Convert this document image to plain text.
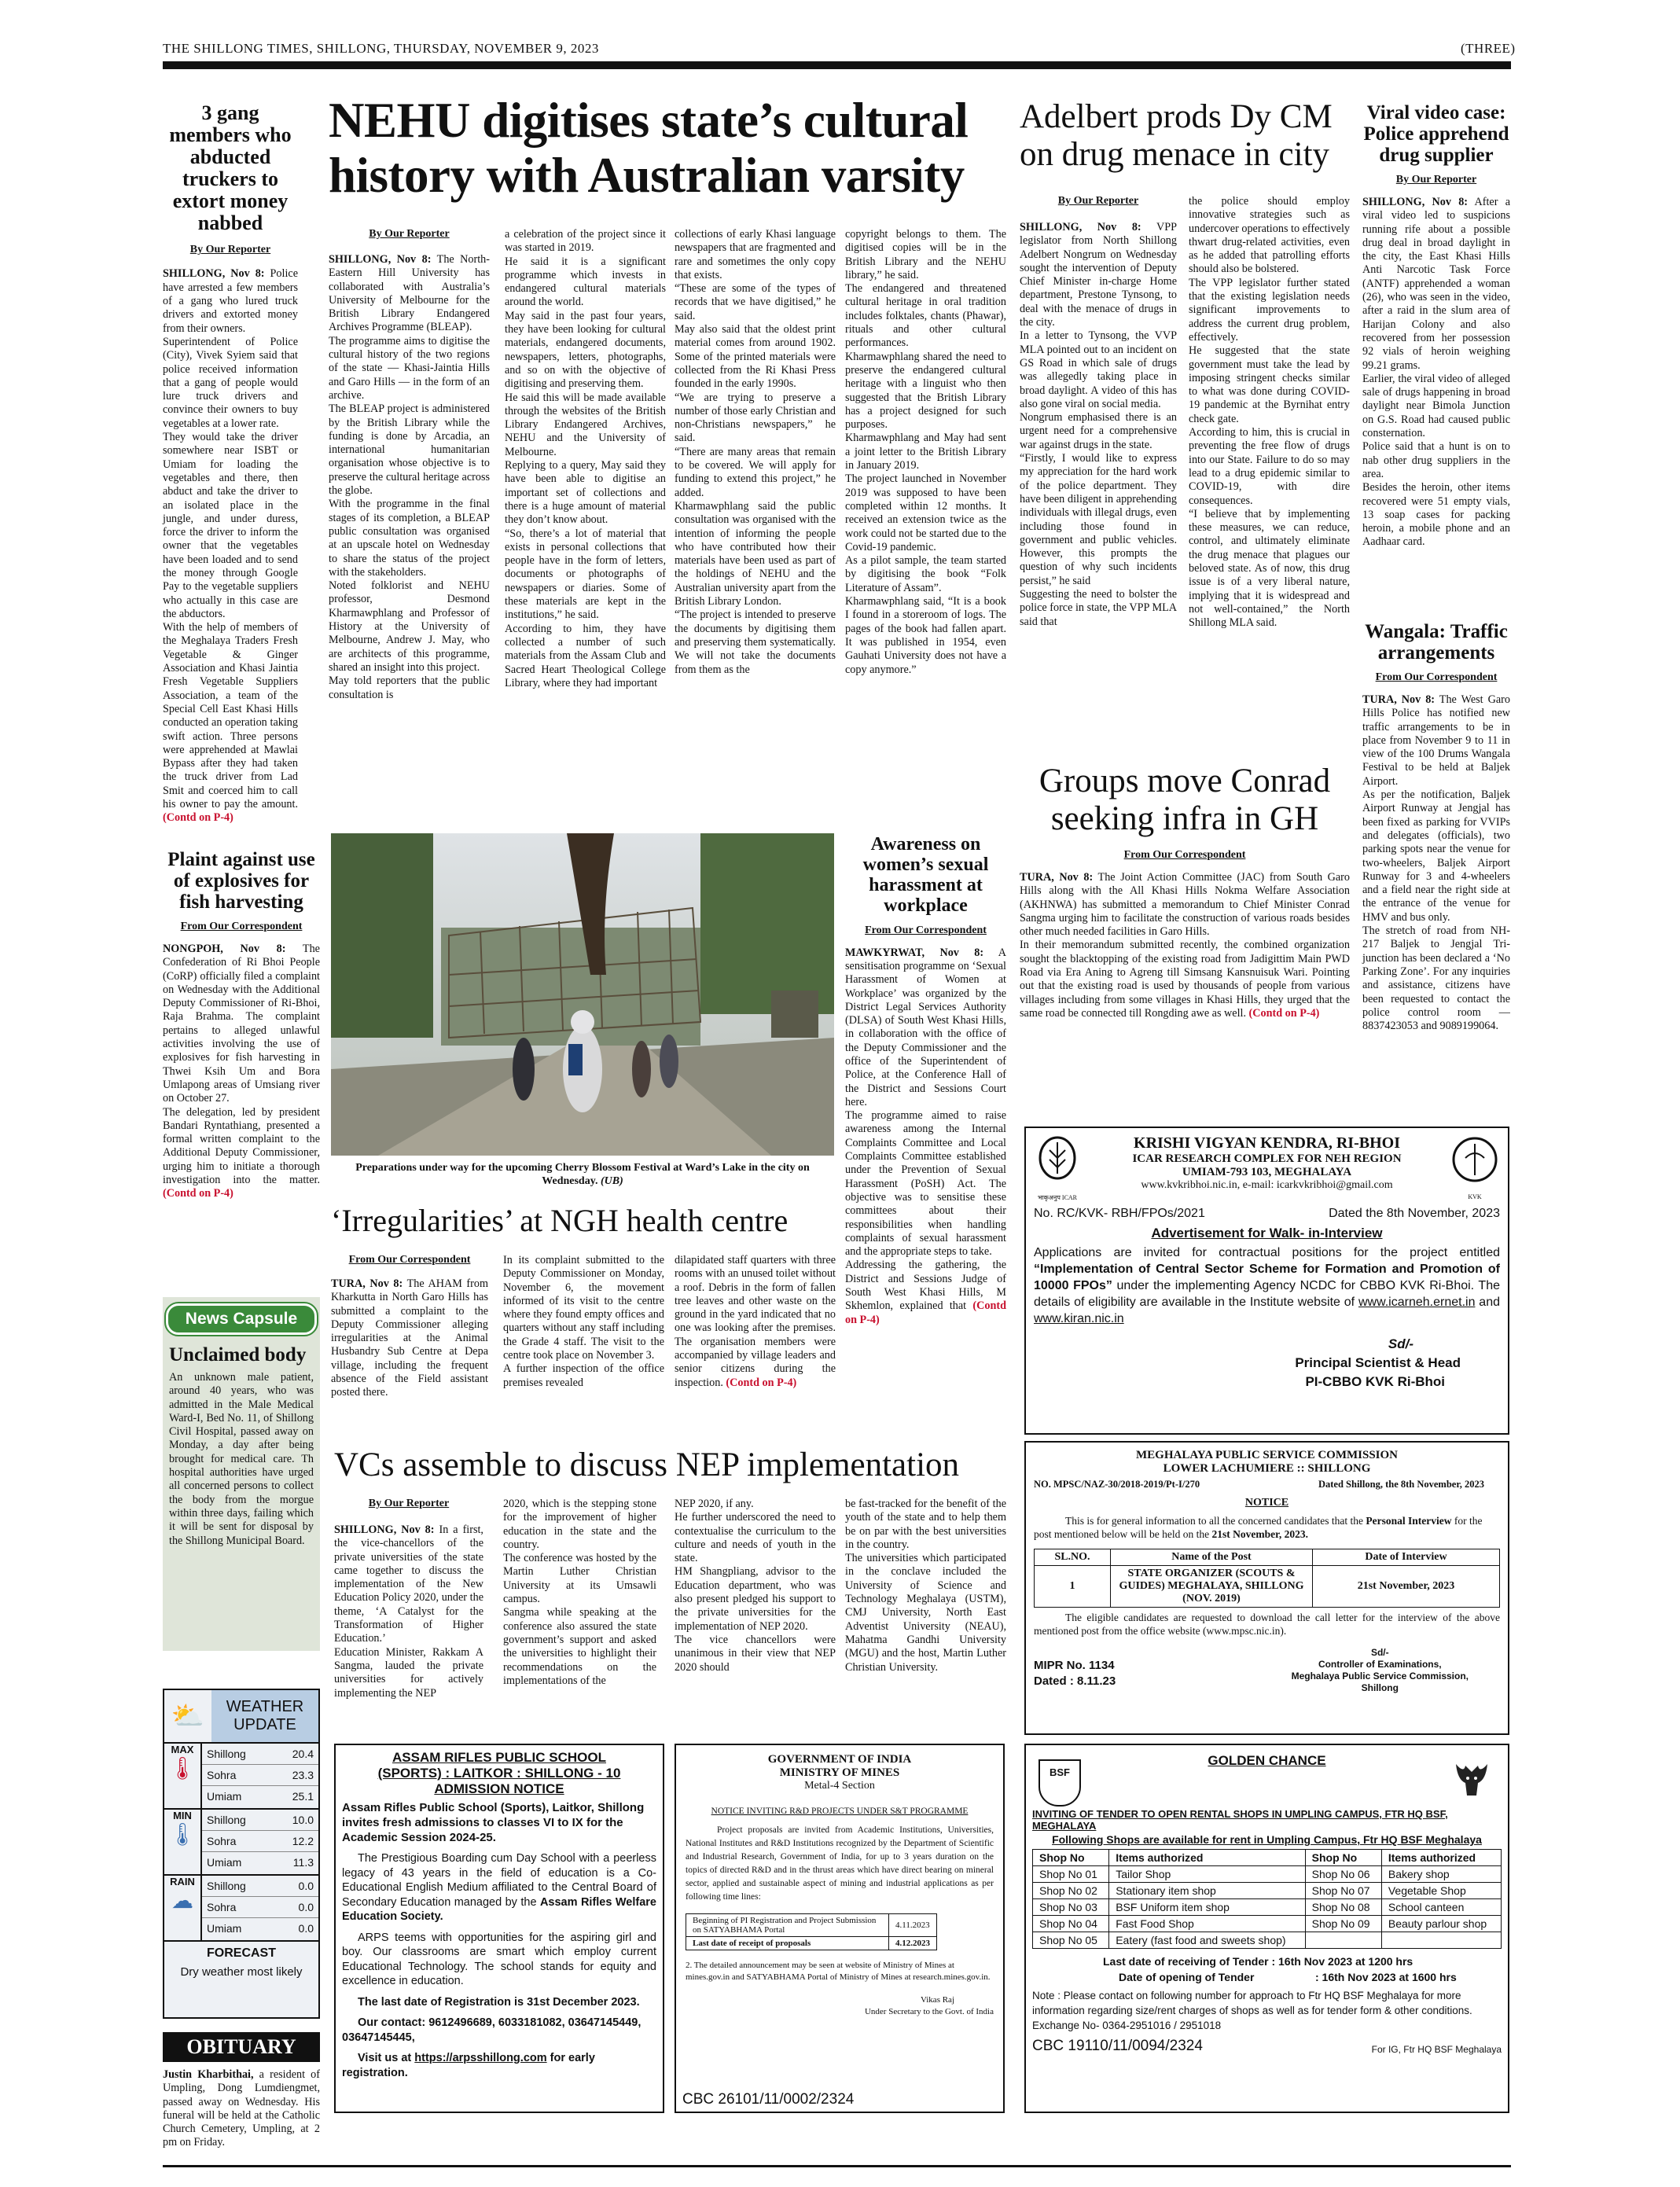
THE SHILLONG TIMES, SHILLONG, THURSDAY, NOVEMBER 9, 2023	(THREE)
3 gang members who abducted truckers to extort money nabbed
By Our Reporter
SHILLONG, Nov 8: Police have arrested a few members of a gang who lured truck drivers and extorted money from their owners.
Superintendent of Police (City), Vivek Syiem said that police received information that a gang of people would lure truck drivers and convince their owners to buy vegetables at a lower rate.
They would take the driver somewhere near ISBT or Umiam for loading the vegetables and there, then abduct and take the driver to an isolated place in the jungle, and under duress, force the driver to inform the owner that the vegetables have been loaded and to send the money through Google Pay to the vegetable suppliers who actually in this case are the abductors.
With the help of members of the Meghalaya Traders Fresh Vegetable & Ginger Association and Khasi Jaintia Fresh Vegetable Suppliers Association, a team of the Special Cell East Khasi Hills conducted an operation taking swift action. Three persons were apprehended at Mawlai Bypass after they had taken the truck driver from Lad Smit and coerced him to call his owner to pay the amount. (Contd on P-4)
NEHU digitises state’s cultural history with Australian varsity
By Our Reporter
SHILLONG, Nov 8: The North-Eastern Hill University has collaborated with Australia’s University of Melbourne for the British Library Endangered Archives Programme (BLEAP).
The programme aims to digitise the cultural history of the two regions of the state — Khasi-Jaintia Hills and Garo Hills — in the form of an archive.
The BLEAP project is administered by the British Library while the funding is done by Arcadia, an international humanitarian organisation whose objective is to preserve the cultural heritage across the globe.
With the programme in the final stages of its completion, a BLEAP public consultation was organised at an upscale hotel on Wednesday to share the status of the project with the stakeholders.
Noted folklorist and NEHU professor, Desmond Kharmawphlang and Professor of History at the University of Melbourne, Andrew J. May, who are architects of this programme, shared an insight into this project.
May told reporters that the public consultation is
a celebration of the project since it was started in 2019.
He said it is a significant programme which invests in endangered cultural materials around the world.
May said in the past four years, they have been looking for cultural materials, endangered documents, newspapers, letters, photographs, and so on with the objective of digitising and preserving them.
He said this will be made available through the websites of the British Library Endangered Archives, NEHU and the University of Melbourne.
Replying to a query, May said they have been able to digitise an important set of collections and there is a huge amount of material they don’t know about.
“So, there’s a lot of material that exists in personal collections that people have in the form of letters, documents or photographs of newspapers or diaries. Some of these materials are kept in the institutions,” he said.
According to him, they have collected a number of such materials from the Assam Club and Sacred Heart Theological College Library, where they had important
collections of early Khasi language newspapers that are fragmented and rare and sometimes the only copy that exists.
“These are some of the types of records that we have digitised,” he said.
May also said that the oldest print material comes from around 1902. Some of the printed materials were collected from the Ri Khasi Press founded in the early 1990s.
“We are trying to preserve a number of those early Christian and non-Christians newspapers,” he said.
“There are many areas that remain to be covered. We will apply for funding to extend this project,” he added.
Kharmawphlang said the public consultation was organised with the intention of informing the people who have contributed how their materials have been used as part of the holdings of NEHU and the Australian university apart from the British Library London.
“The project is intended to preserve the documents by digitising them and preserving them systematically. We will not take the documents from them as the
copyright belongs to them. The digitised copies will be in the British Library and the NEHU library,” he said.
The endangered and threatened cultural heritage in oral tradition includes folktales, chants (Phawar), rituals and other cultural performances.
Kharmawphlang shared the need to preserve the endangered cultural heritage with a linguist who then suggested that the British Library has a project designed for such purposes.
Kharmawphlang and May had sent a joint letter to the British Library in January 2019.
The project launched in November 2019 was supposed to have been completed within 12 months. It received an extension twice as the work could not be started due to the Covid-19 pandemic.
As a pilot sample, the team started by digitising the book “Folk Literature of Assam”.
Kharmawphlang said, “It is a book I found in a storeroom of logs. The pages of the book had fallen apart. It was published in 1954, even Gauhati University does not have a copy anymore.”
Adelbert prods Dy CM on drug menace in city
By Our Reporter
SHILLONG, Nov 8: VPP legislator from North Shillong Adelbert Nongrum on Wednesday sought the intervention of Deputy Chief Minister in-charge Home department, Prestone Tynsong, to deal with the menace of drugs in the city.
In a letter to Tynsong, the VVP MLA pointed out to an incident on GS Road in which sale of drugs was allegedly taking place in broad daylight. A video of this has also gone viral on social media.
Nongrum emphasised there is an urgent need for a comprehensive war against drugs in the state.
“Firstly, I would like to express my appreciation for the hard work of the police department. They have been diligent in apprehending individuals with illegal drugs, even including those found in government and public vehicles. However, this prompts the question of why such incidents persist,” he said
Suggesting the need to bolster the police force in state, the VPP MLA said that
the police should employ innovative strategies such as undercover operations to effectively thwart drug-related activities, even as he added that patrolling efforts should also be bolstered.
The VPP legislator further stated that the existing legislation needs significant improvements to address the current drug problem, effectively.
He suggested that the state government must take the lead by imposing stringent checks similar to what was done during COVID-19 pandemic at the Byrnihat entry check gate.
According to him, this is crucial in preventing the free flow of drugs into our State. Failure to do so may lead to a drug epidemic similar to COVID-19, with dire consequences.
“I believe that by implementing these measures, we can reduce, control, and ultimately eliminate the drug menace that plagues our beloved state. As of now, this drug issue is of a very liberal nature, implying that it is widespread and not well-contained,” the North Shillong MLA said.
Viral video case: Police apprehend drug supplier
By Our Reporter
SHILLONG, Nov 8: After a viral video led to suspicions running rife about a possible drug deal in broad daylight in the city, the East Khasi Hills Anti Narcotic Task Force (ANTF) apprehended a woman (26), who was seen in the video, after a raid in the slum area of Harijan Colony and also recovered from her possession 92 vials of heroin weighing 99.21 grams.
Earlier, the viral video of alleged sale of drugs happening in broad daylight near Bimola Junction on G.S. Road had caused public consternation.
Police said that a hunt is on to nab other drug suppliers in the area.
Besides the heroin, other items recovered were 51 empty vials, 13 soap cases for packing heroin, a mobile phone and an Aadhaar card.
Wangala: Traffic arrangements
From Our Correspondent
TURA, Nov 8: The West Garo Hills Police has notified new traffic arrangements to be in place from November 9 to 11 in view of the 100 Drums Wangala Festival to be held at Baljek Airport.
As per the notification, Baljek Airport Runway at Jengjal has been fixed as parking for VVIPs and delegates (officials), two parking spots near the venue for two-wheelers, Baljek Airport Runway for 3 and 4-wheelers and a field near the right side at the entrance of the venue for HMV and bus only.
The stretch of road from NH-217 Baljek to Jengjal Tri-junction has been declared a ‘No Parking Zone’. For any inquiries and assistance, citizens have been requested to contact the police control room — 8837423053 and 9089199064.
Plaint against use of explosives for fish harvesting
From Our Correspondent
NONGPOH, Nov 8: The Confederation of Ri Bhoi People (CoRP) officially filed a complaint on Wednesday with the Additional Deputy Commissioner of Ri-Bhoi, Raja Brahma. The complaint pertains to alleged unlawful activities involving the use of explosives for fish harvesting in Thwei Ksih Um and Bora Umlapong areas of Umsiang river on October 27.
The delegation, led by president Bandari Ryntathiang, presented a formal written complaint to the Additional Deputy Commissioner, urging him to initiate a thorough investigation into the matter. (Contd on P-4)
Preparations under way for the upcoming Cherry Blossom Festival at Ward’s Lake in the city on Wednesday. (UB)
Awareness on women’s sexual harassment at workplace
From Our Correspondent
MAWKYRWAT, Nov 8: A sensitisation programme on ‘Sexual Harassment of Women at Workplace’ was organized by the District Legal Services Authority (DLSA) of South West Khasi Hills, in collaboration with the office of the Deputy Commissioner and the office of the Superintendent of Police, at the Conference Hall of the District and Sessions Court here.
The programme aimed to raise awareness among the Internal Complaints Committee and Local Complaints Committee established under the Prevention of Sexual Harassment (PoSH) Act. The objective was to sensitise these committees about their responsibilities when handling complaints of sexual harassment and the appropriate steps to take.
Addressing the gathering, the District and Sessions Judge of South West Khasi Hills, M Skhemlon, explained that (Contd on P-4)
Groups move Conrad seeking infra in GH
From Our Correspondent
TURA, Nov 8: The Joint Action Committee (JAC) from South Garo Hills along with the All Khasi Hills Nokma Welfare Association (AKHNWA) has submitted a memorandum to Chief Minister Conrad Sangma urging him to facilitate the construction of various roads besides other much needed facilities in Garo Hills.
In their memorandum submitted recently, the combined organization sought the blacktopping of the existing road from Jadigittim Main PWD Road via Era Aning to Agreng till Simsang Kansnuisuk Wari. Pointing out that the existing road is used by thousands of people from various villages including from some villages in Khasi Hills, they urged that the same road be connected till Rongding awe as well. (Contd on P-4)
‘Irregularities’ at NGH health centre
From Our Correspondent
TURA, Nov 8: The AHAM from Kharkutta in North Garo Hills has submitted a complaint to the Deputy Commissioner alleging irregularities at the Animal Husbandry Sub Centre at Depa village, including the frequent absence of the Field assistant posted there.
In its complaint submitted to the Deputy Commissioner on Monday, November 6, the movement informed of its visit to the centre where they found empty offices and quarters without any staff including the Grade 4 staff. The visit to the centre took place on November 3.
A further inspection of the office premises revealed
dilapidated staff quarters with three rooms with an unused toilet without a roof. Debris in the form of fallen tree leaves and other waste on the ground in the yard indicated that no one was looking after the premises. The organisation members were accompanied by village leaders and senior citizens during the inspection. (Contd on P-4)
VCs assemble to discuss NEP implementation
By Our Reporter
SHILLONG, Nov 8: In a first, the vice-chancellors of the private universities of the state came together to discuss the implementation of the New Education Policy 2020, under the theme, ‘A Catalyst for the Transformation of Higher Education.’
Education Minister, Rakkam A Sangma, lauded the private universities for actively implementing the NEP
2020, which is the stepping stone for the improvement of higher education in the state and the country.
The conference was hosted by the Martin Luther Christian University at its Umsawli campus.
Sangma while speaking at the conference also assured the state government’s support and asked the universities to highlight their recommendations on the implementations of the
NEP 2020, if any.
He further underscored the need to contextualise the curriculum to the culture and needs of youth in the state.
HM Shangpliang, advisor to the Education department, who was also present pledged his support to the private universities for the implementation of NEP 2020.
The vice chancellors were unanimous in their view that NEP 2020 should
be fast-tracked for the benefit of the youth of the state and to help them be on par with the best universities in the country.
The universities which participated in the conclave included the University of Science and Technology Meghalaya (USTM), CMJ University, North East Adventist University (NEAU), Mahatma Gandhi University (MGU) and the host, Martin Luther Christian University.
News Capsule
Unclaimed body
An unknown male patient, around 40 years, who was admitted in the Male Medical Ward-I, Bed No. 11, of Shillong Civil Hospital, passed away on Monday, a day after being brought for medical care. Th hospital authorities have urged all concerned persons to collect the body from the morgue within three days, failing which it will be sent for disposal by the Shillong Municipal Board.
⛅	WEATHER
UPDATE
MAX
🌡
Shillong	20.4
Sohra	23.3
Umiam	25.1
MIN
🌡
Shillong	10.0
Sohra	12.2
Umiam	11.3
RAIN
☁
Shillong	0.0
Sohra	0.0
Umiam	0.0
FORECAST
Dry weather most likely
OBITUARY
Justin Kharbithai, a resident of Umpling, Dong Lumdiengmet, passed away on Wednesday. His funeral will be held at the Catholic Church Cemetery, Umpling, at 2 pm on Friday.
भाकृअनुप ICAR	KVK
KRISHI VIGYAN KENDRA, RI-BHOI
ICAR RESEARCH COMPLEX FOR NEH REGION
UMIAM-793 103, MEGHALAYA
www.kvkribhoi.nic.in, e-mail: icarkvkribhoi@gmail.com
No. RC/KVK- RBH/FPOs/2021	Dated the 8th November, 2023
Advertisement for Walk- in-Interview
Applications are invited for contractual positions for the project entitled “Implementation of Central Sector Scheme for Formation and Promotion of 10000 FPOs” under the implementing Agency NCDC for CBBO KVK Ri-Bhoi. The details of eligibility are available in the Institute website of www.icarneh.ernet.in and www.kiran.nic.in
Sd/-
Principal Scientist & Head
PI-CBBO KVK Ri-Bhoi
MEGHALAYA PUBLIC SERVICE COMMISSION
LOWER LACHUMIERE :: SHILLONG
NO. MPSC/NAZ-30/2018-2019/Pt-I/270	Dated Shillong, the 8th November, 2023
NOTICE
This is for general information to all the concerned candidates that the Personal Interview for the post mentioned below will be held on the 21st November, 2023.
SL.NO.	Name of the Post	Date of Interview
1	STATE ORGANIZER (SCOUTS & GUIDES) MEGHALAYA, SHILLONG (NOV. 2019)	21st November, 2023
The eligible candidates are requested to download the call letter for the interview of the above mentioned post from the office website (www.mpsc.nic.in).
MIPR No. 1134
Dated : 8.11.23
Sd/-
Controller of Examinations,
Meghalaya Public Service Commission,
Shillong
ASSAM RIFLES PUBLIC SCHOOL
(SPORTS) : LAITKOR : SHILLONG - 10
ADMISSION NOTICE
Assam Rifles Public School (Sports), Laitkor, Shillong invites fresh admissions to classes VI to IX for the Academic Session 2024-25.
The Prestigious Boarding cum Day School with a peerless legacy of 43 years in the field of education is a Co-Educational English Medium affiliated to the Central Board of Secondary Education managed by the Assam Rifles Welfare Education Society.
ARPS teems with opportunities for the aspiring girl and boy. Our classrooms are smart which employ current Educational Technology. The school stands for equity and excellence in education.
The last date of Registration is 31st December 2023.
Our contact: 9612496689, 6033181082, 03647145449, 03647145445,
Visit us at https://arpsshillong.com for early registration.
GOVERNMENT OF INDIA
MINISTRY OF MINES
Metal-4 Section
NOTICE INVITING R&D PROJECTS UNDER S&T PROGRAMME
Project proposals are invited from Academic Institutions, Universities, National Institutes and R&D Institutions recognized by the Department of Scientific and Industrial Research, Government of India, for up to 3 years duration on the topics of directed R&D and in the thrust areas which have direct bearing on mineral sector, applied and sustainable aspect of mining and industrial applications as per following time lines:
Beginning of PI Registration and Project Submission on SATYABHAMA Portal	4.11.2023
Last date of receipt of proposals	4.12.2023
2. The detailed announcement may be seen at website of Ministry of Mines at mines.gov.in and SATYABHAMA Portal of Ministry of Mines at research.mines.gov.in.
Vikas Raj
Under Secretary to the Govt. of India
CBC 26101/11/0002/2324
BSF
GOLDEN CHANCE
INVITING OF TENDER TO OPEN RENTAL SHOPS IN UMPLING CAMPUS, FTR HQ BSF, MEGHALAYA
Following Shops are available for rent in Umpling Campus, Ftr HQ BSF Meghalaya
Shop No	Items authorized	Shop No	Items authorized
Shop No 01	Tailor Shop	Shop No 06	Bakery shop
Shop No 02	Stationary item shop	Shop No 07	Vegetable Shop
Shop No 03	BSF Uniform item shop	Shop No 08	School canteen
Shop No 04	Fast Food Shop	Shop No 09	Beauty parlour shop
Shop No 05	Eatery (fast food and sweets shop)		
Last date of receiving of Tender : 16th Nov 2023 at 1200 hrs
Date of opening of Tender	: 16th Nov 2023 at 1600 hrs
Note : Please contact on following number for approach to Ftr HQ BSF Meghalaya for more information regarding size/rent charges of shops as well as for tender form & other conditions. Exchange No- 0364-2951016 / 2951018
CBC 19110/11/0094/2324	For IG, Ftr HQ BSF Meghalaya
